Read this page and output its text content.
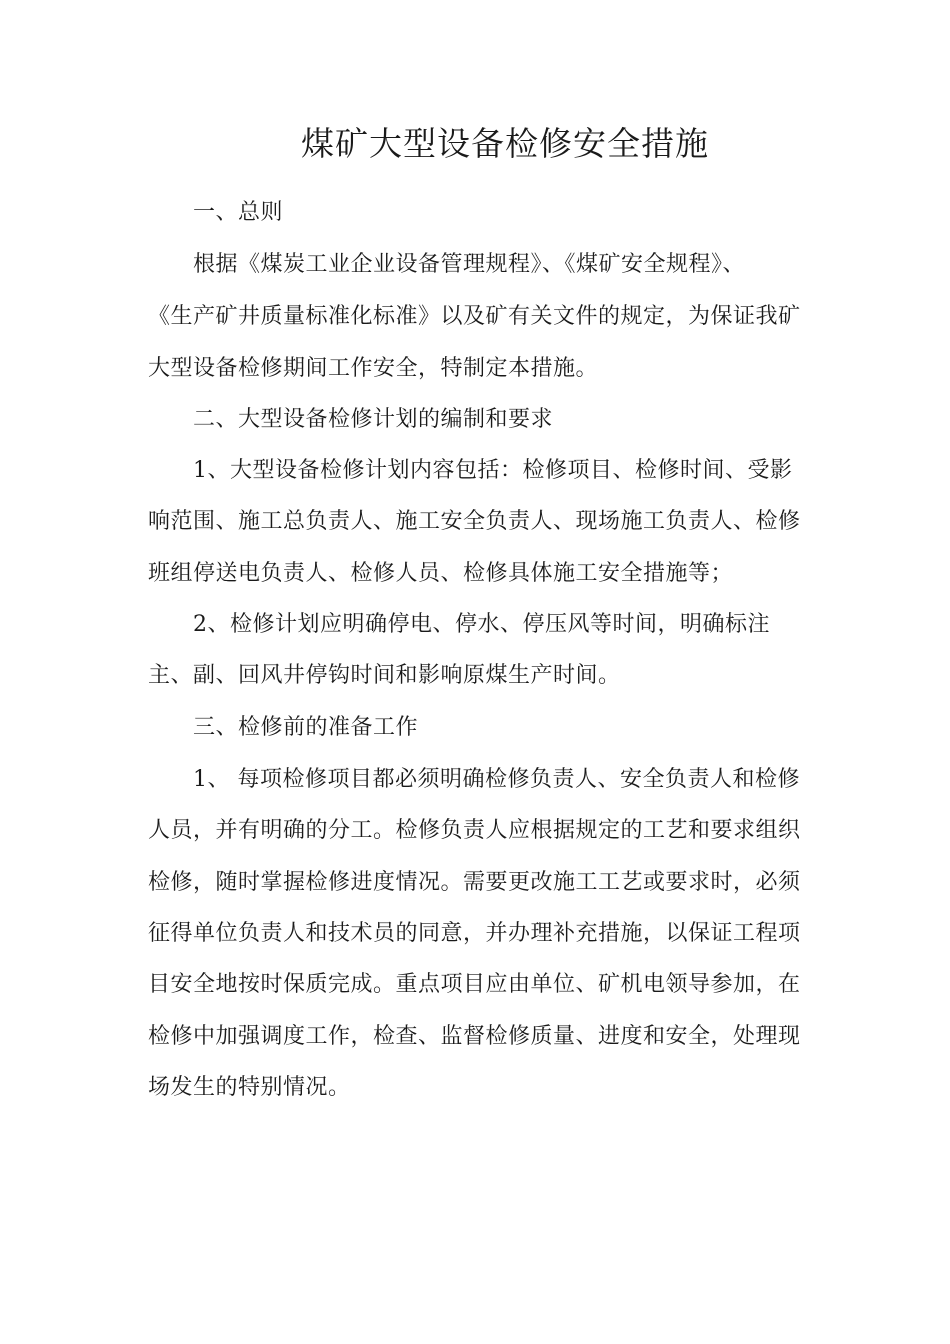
煤矿大型设备检修安全措施
一、总则
根据《煤炭工业企业设备管理规程》、《煤矿安全规程》、
《生产矿井质量标准化标准》以及矿有关文件的规定，为保证我矿
大型设备检修期间工作安全，特制定本措施。
二、大型设备检修计划的编制和要求
1、大型设备检修计划内容包括：检修项目、检修时间、受影
响范围、施工总负责人、施工安全负责人、现场施工负责人、检修
班组停送电负责人、检修人员、检修具体施工安全措施等；
2、检修计划应明确停电、停水、停压风等时间，明确标注
主、副、回风井停钩时间和影响原煤生产时间。
三、检修前的准备工作
1、 每项检修项目都必须明确检修负责人、安全负责人和检修
人员，并有明确的分工。检修负责人应根据规定的工艺和要求组织
检修，随时掌握检修进度情况。需要更改施工工艺或要求时，必须
征得单位负责人和技术员的同意，并办理补充措施，以保证工程项
目安全地按时保质完成。重点项目应由单位、矿机电领导参加，在
检修中加强调度工作，检查、监督检修质量、进度和安全，处理现
场发生的特别情况。
